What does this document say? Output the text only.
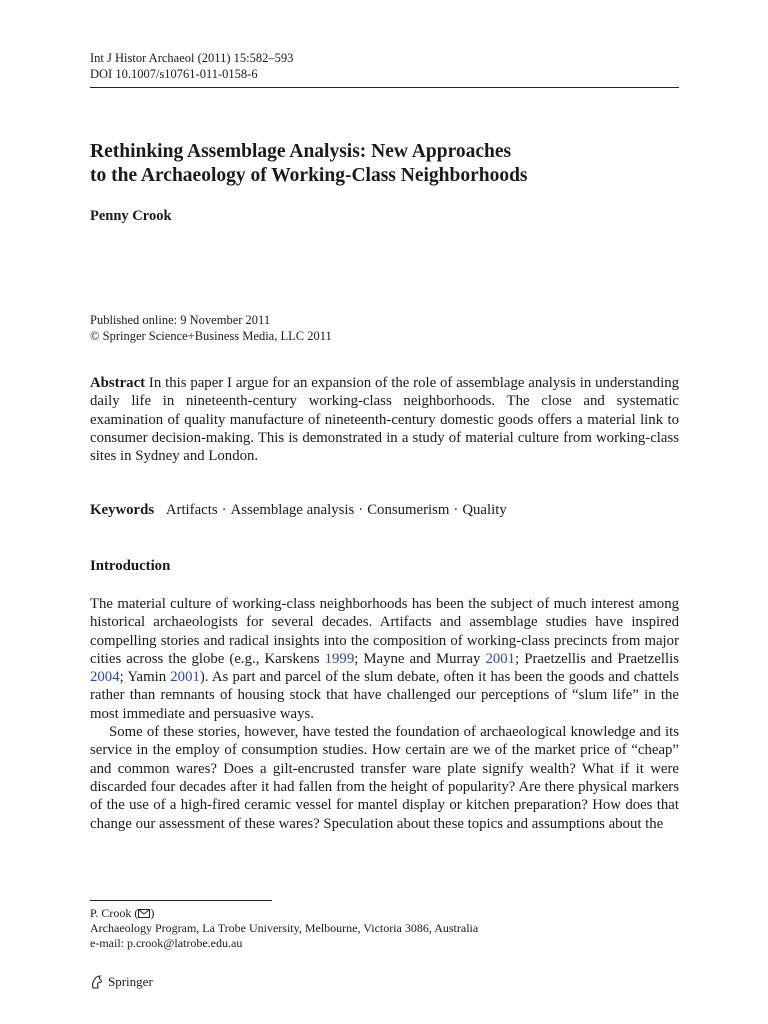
Int J Histor Archaeol (2011) 15:582–593
DOI 10.1007/s10761-011-0158-6
Rethinking Assemblage Analysis: New Approaches
to the Archaeology of Working-Class Neighborhoods
Penny Crook
Published online: 9 November 2011
© Springer Science+Business Media, LLC 2011
Abstract In this paper I argue for an expansion of the role of assemblage analysis in understanding daily life in nineteenth-century working-class neighborhoods. The close and systematic examination of quality manufacture of nineteenth-century domestic goods offers a material link to consumer decision-making. This is demonstrated in a study of material culture from working-class sites in Sydney and London.
Keywords Artifacts · Assemblage analysis · Consumerism · Quality
Introduction
The material culture of working-class neighborhoods has been the subject of much interest among historical archaeologists for several decades. Artifacts and assemblage studies have inspired compelling stories and radical insights into the composition of working-class precincts from major cities across the globe (e.g., Karskens 1999; Mayne and Murray 2001; Praetzellis and Praetzellis 2004; Yamin 2001). As part and parcel of the slum debate, often it has been the goods and chattels rather than remnants of housing stock that have challenged our perceptions of “slum life” in the most immediate and persuasive ways.
Some of these stories, however, have tested the foundation of archaeological knowledge and its service in the employ of consumption studies. How certain are we of the market price of “cheap” and common wares? Does a gilt-encrusted transfer ware plate signify wealth? What if it were discarded four decades after it had fallen from the height of popularity? Are there physical markers of the use of a high-fired ceramic vessel for mantel display or kitchen preparation? How does that change our assessment of these wares? Speculation about these topics and assumptions about the
P. Crook ( )
Archaeology Program, La Trobe University, Melbourne, Victoria 3086, Australia
e-mail: p.crook@latrobe.edu.au
Springer
